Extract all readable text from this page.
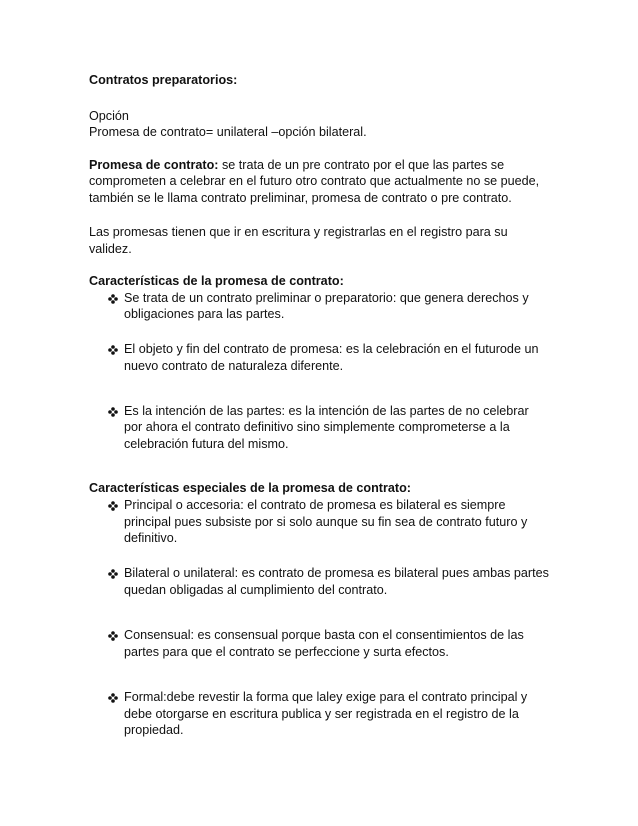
Contratos preparatorios:
Opción
Promesa de contrato= unilateral –opción bilateral.
Promesa de contrato: se trata de un pre contrato por el que las partes se
comprometen a celebrar en el futuro otro contrato que actualmente no se puede,
también se le llama contrato preliminar, promesa de contrato o pre contrato.
Las promesas tienen que ir en escritura y registrarlas en el registro para su
validez.
Características de la promesa de contrato:
Se trata de un contrato preliminar o preparatorio: que genera derechos y
obligaciones para las partes.
El objeto y fin del contrato de promesa: es la celebración en el futurode un
nuevo contrato de naturaleza diferente.
Es la intención de las partes: es la intención de las partes de no celebrar
por ahora el contrato definitivo sino simplemente comprometerse a la
celebración futura del mismo.
Características especiales de la promesa de contrato:
Principal o accesoria: el contrato de promesa es bilateral es siempre
principal pues subsiste por si solo aunque su fin sea de contrato futuro y
definitivo.
Bilateral o unilateral: es contrato de promesa es bilateral pues ambas partes
quedan obligadas al cumplimiento del contrato.
Consensual: es consensual porque basta con el consentimientos de las
partes para que el contrato se perfeccione y surta efectos.
Formal:debe revestir la forma que laley exige para el contrato principal y
debe otorgarse en escritura publica y ser registrada en el registro de la
propiedad.
